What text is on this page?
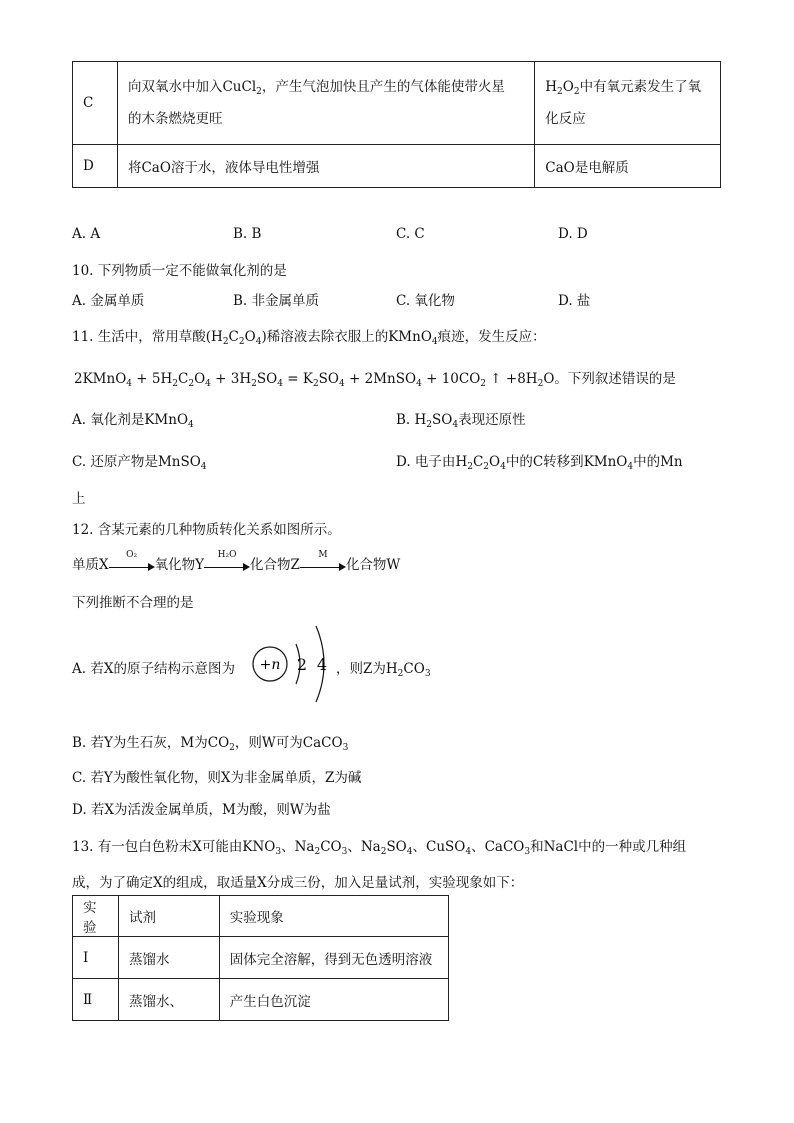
C	向双氧水中加入CuCl$_2$，产生气泡加快且产生的气体能使带火星
的木条燃烧更旺	$H_2O_2$中有氧元素发生了氧
化反应
D	将CaO溶于水，液体导电性增强	CaO是电解质
A. A	B. B	C. C	D. D
10. 下列物质一定不能做氧化剂的是
A. 金属单质	B. 非金属单质	C. 氧化物	D. 盐
11. 生活中，常用草酸$(H_2C_2O_4)$稀溶液去除衣服上的KMnO$_4$痕迹，发生反应：
2KMnO$_4$ + $5H_2C_2O_4 + 3H_2SO_4 = K_2SO_4$ + 2MnSO$_4$ + $10CO_2$ ↑ $+8H_2O$。下列叙述错误的是
A. 氧化剂是KMnO$_4$	B. $H_2SO_4$表现还原性
C. 还原产物是MnSO$_4$	D. 电子由$H_2C_2O_4$中的C转移到KMnO$_4$中的Mn
上
12. 含某元素的几种物质转化关系如图所示。
单质X
O₂
氧化物Y
H₂O
化合物Z
M
化合物W
下列推断不合理的是
A. 若X的原子结构示意图为 +n 2 4 ，则Z为$H_2CO_3$
B. 若Y为生石灰，M为$CO_2$，则W可为CaCO$_3$
C. 若Y为酸性氧化物，则X为非金属单质，Z为碱
D. 若X为活泼金属单质，M为酸，则W为盐
13. 有一包白色粉末X可能由$KNO_3$、$Na_2CO_3$、$Na_2SO_4$、CuSO$_4$、CaCO$_3$和NaCl中的一种或几种组
成，为了确定X的组成，取适量X分成三份，加入足量试剂，实验现象如下：
实验	试剂	实验现象
I	蒸馏水	固体完全溶解，得到无色透明溶液
Ⅱ	蒸馏水、	产生白色沉淀
